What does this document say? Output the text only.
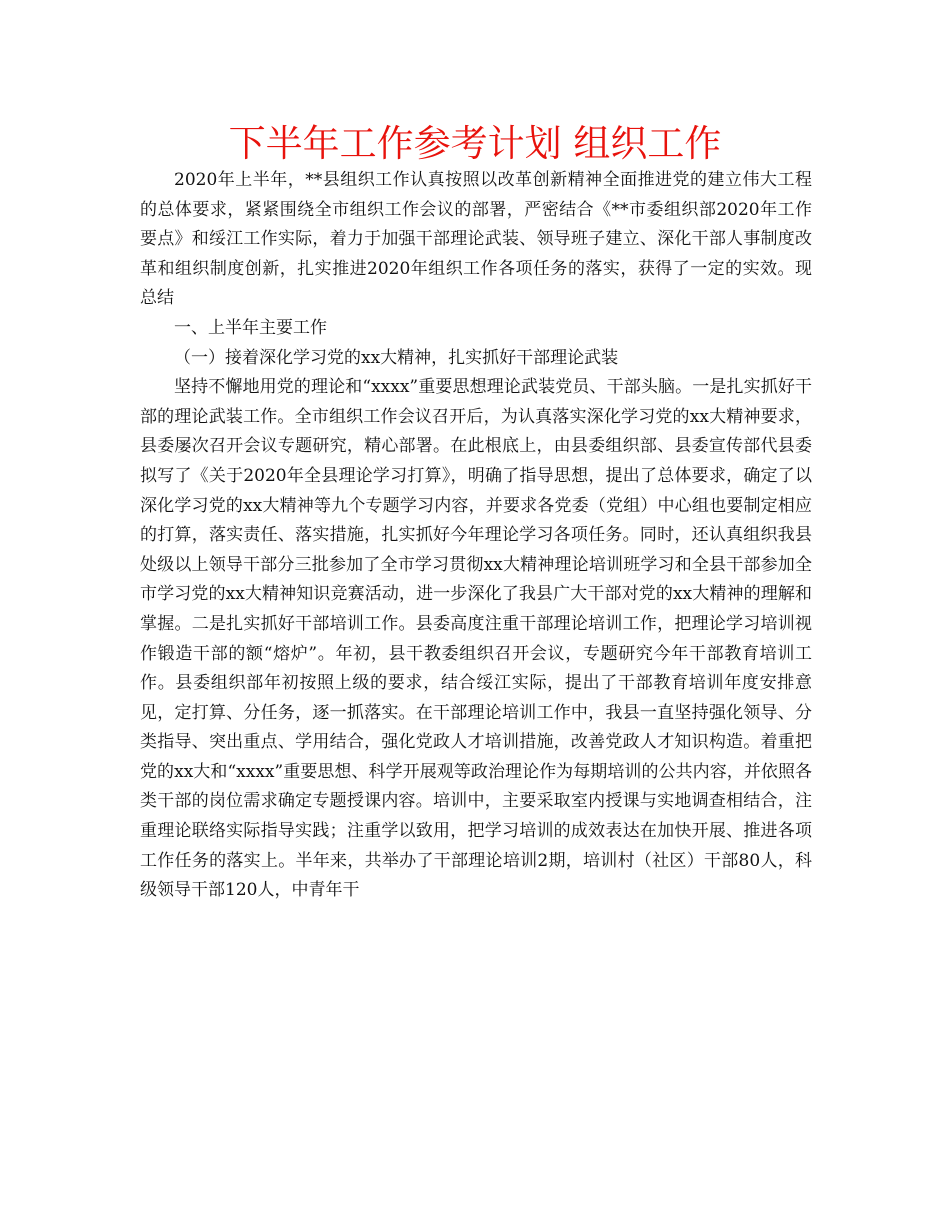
下半年工作参考计划 组织工作

2020年上半年，**县组织工作认真按照以改革创新精神全面推进党的建立伟大工程的总体要求，紧紧围绕全市组织工作会议的部署，严密结合《**市委组织部2020年工作要点》和绥江工作实际，着力于加强干部理论武装、领导班子建立、深化干部人事制度改革和组织制度创新，扎实推进2020年组织工作各项任务的落实，获得了一定的实效。现总结

一、上半年主要工作

（一）接着深化学习党的xx大精神，扎实抓好干部理论武装

坚持不懈地用党的理论和“xxxx”重要思想理论武装党员、干部头脑。一是扎实抓好干部的理论武装工作。全市组织工作会议召开后，为认真落实深化学习党的xx大精神要求，县委屡次召开会议专题研究，精心部署。在此根底上，由县委组织部、县委宣传部代县委拟写了《关于2020年全县理论学习打算》，明确了指导思想，提出了总体要求，确定了以深化学习党的xx大精神等九个专题学习内容，并要求各党委（党组）中心组也要制定相应的打算，落实责任、落实措施，扎实抓好今年理论学习各项任务。同时，还认真组织我县处级以上领导干部分三批参加了全市学习贯彻xx大精神理论培训班学习和全县干部参加全市学习党的xx大精神知识竞赛活动，进一步深化了我县广大干部对党的xx大精神的理解和掌握。二是扎实抓好干部培训工作。县委高度注重干部理论培训工作，把理论学习培训视作锻造干部的额“熔炉”。年初，县干教委组织召开会议，专题研究今年干部教育培训工作。县委组织部年初按照上级的要求，结合绥江实际，提出了干部教育培训年度安排意见，定打算、分任务，逐一抓落实。在干部理论培训工作中，我县一直坚持强化领导、分类指导、突出重点、学用结合，强化党政人才培训措施，改善党政人才知识构造。着重把党的xx大和“xxxx”重要思想、科学开展观等政治理论作为每期培训的公共内容，并依照各类干部的岗位需求确定专题授课内容。培训中，主要采取室内授课与实地调查相结合，注重理论联络实际指导实践；注重学以致用，把学习培训的成效表达在加快开展、推进各项工作任务的落实上。半年来，共举办了干部理论培训2期，培训村（社区）干部80人，科级领导干部120人，中青年干
